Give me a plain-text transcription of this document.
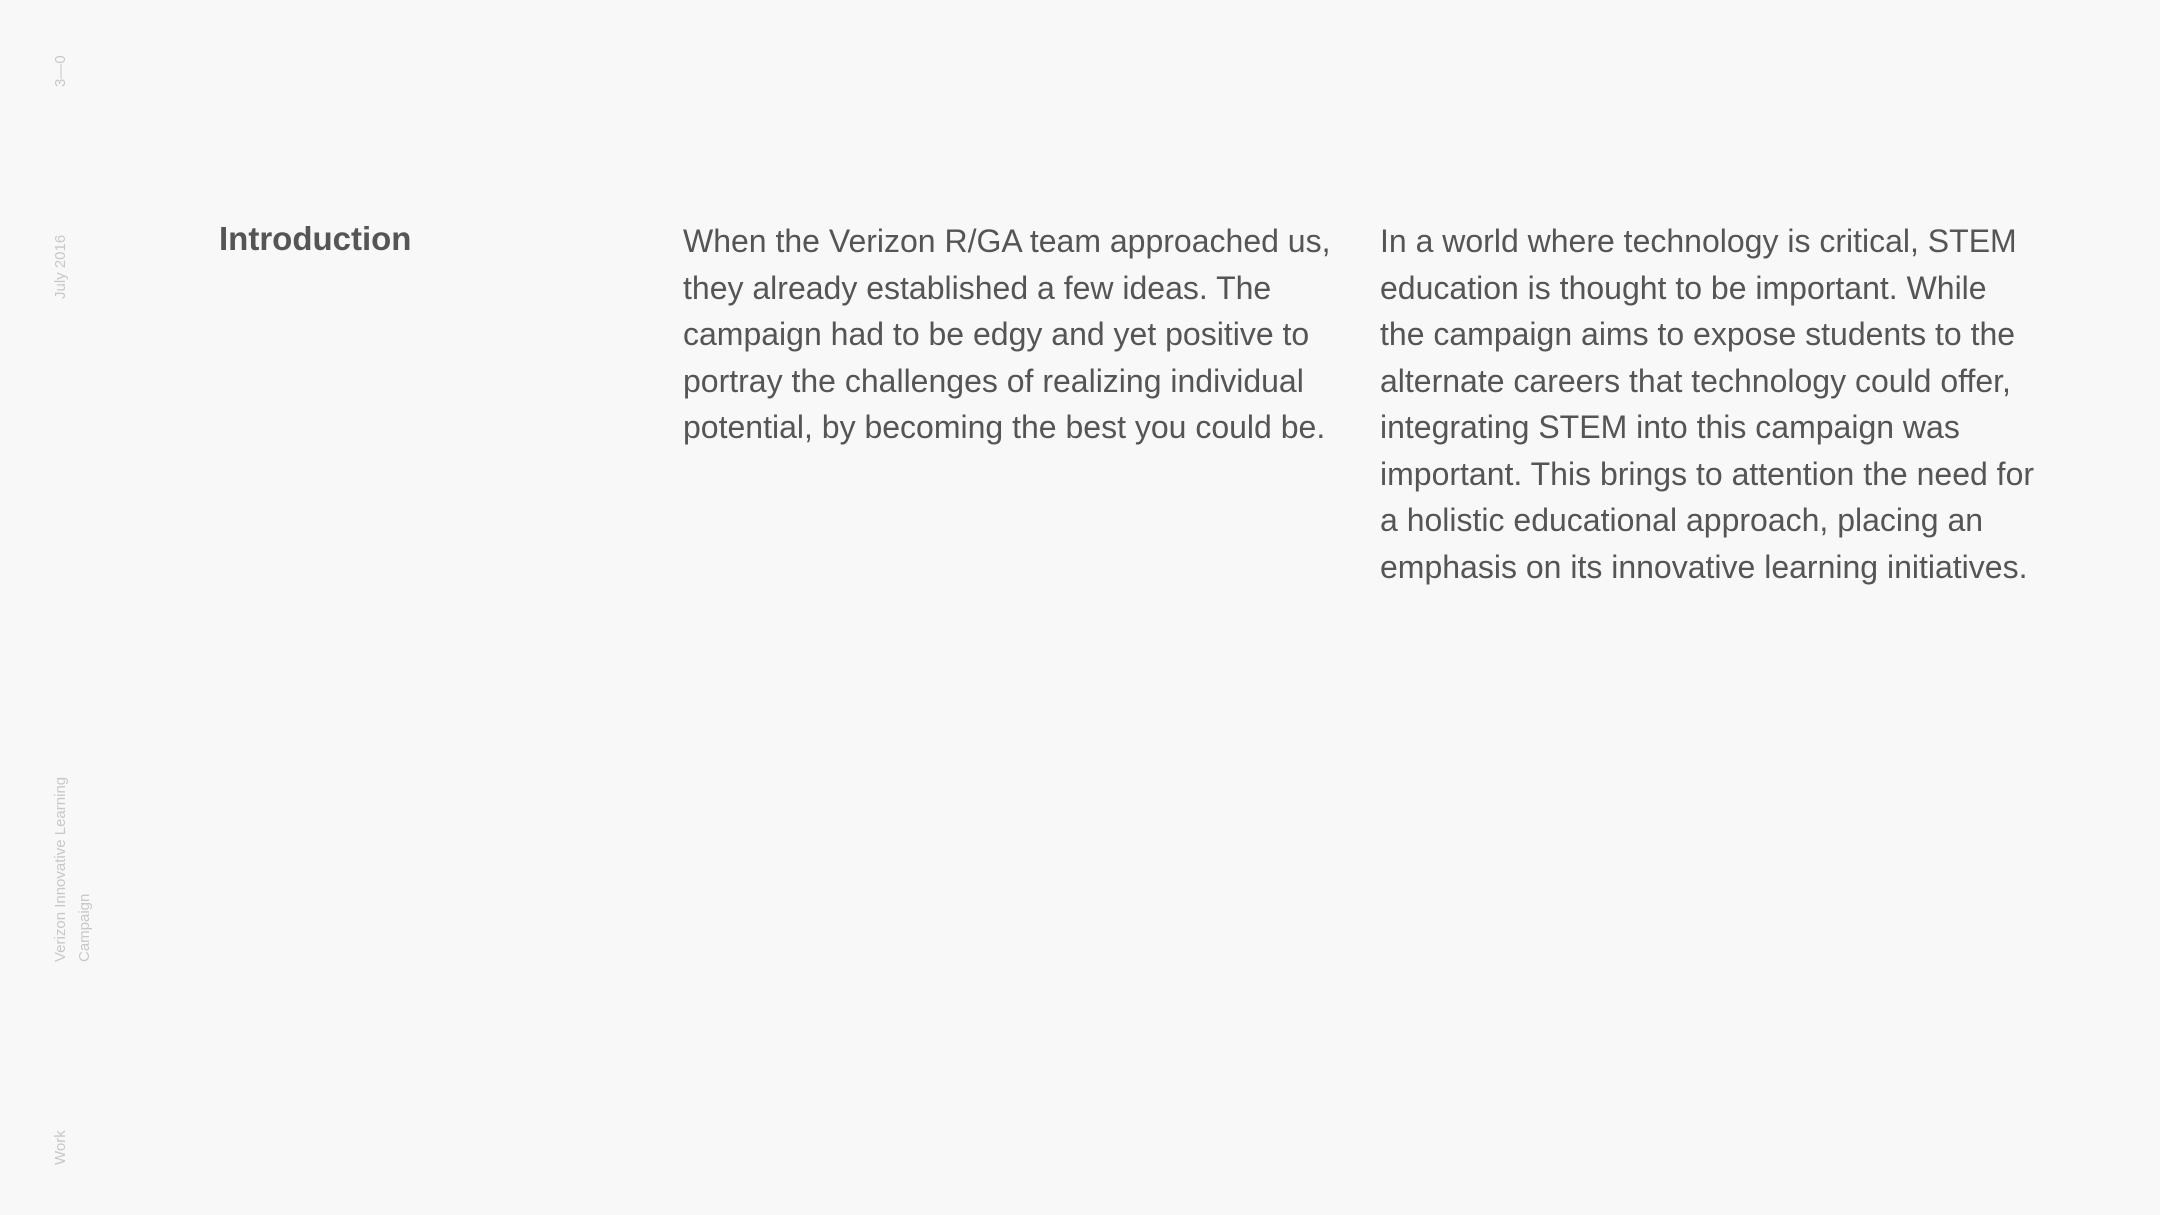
3—0
July 2016
Verizon Innovative Learning Campaign
Work
Introduction	When the Verizon R/GA team approached us,
they already established a few ideas. The
campaign had to be edgy and yet positive to
portray the challenges of realizing individual
potential, by becoming the best you could be.

In a world where technology is critical, STEM
education is thought to be important. While
the campaign aims to expose students to the
alternate careers that technology could offer,
integrating STEM into this campaign was
important. This brings to attention the need for
a holistic educational approach, placing an
emphasis on its innovative learning initiatives.
